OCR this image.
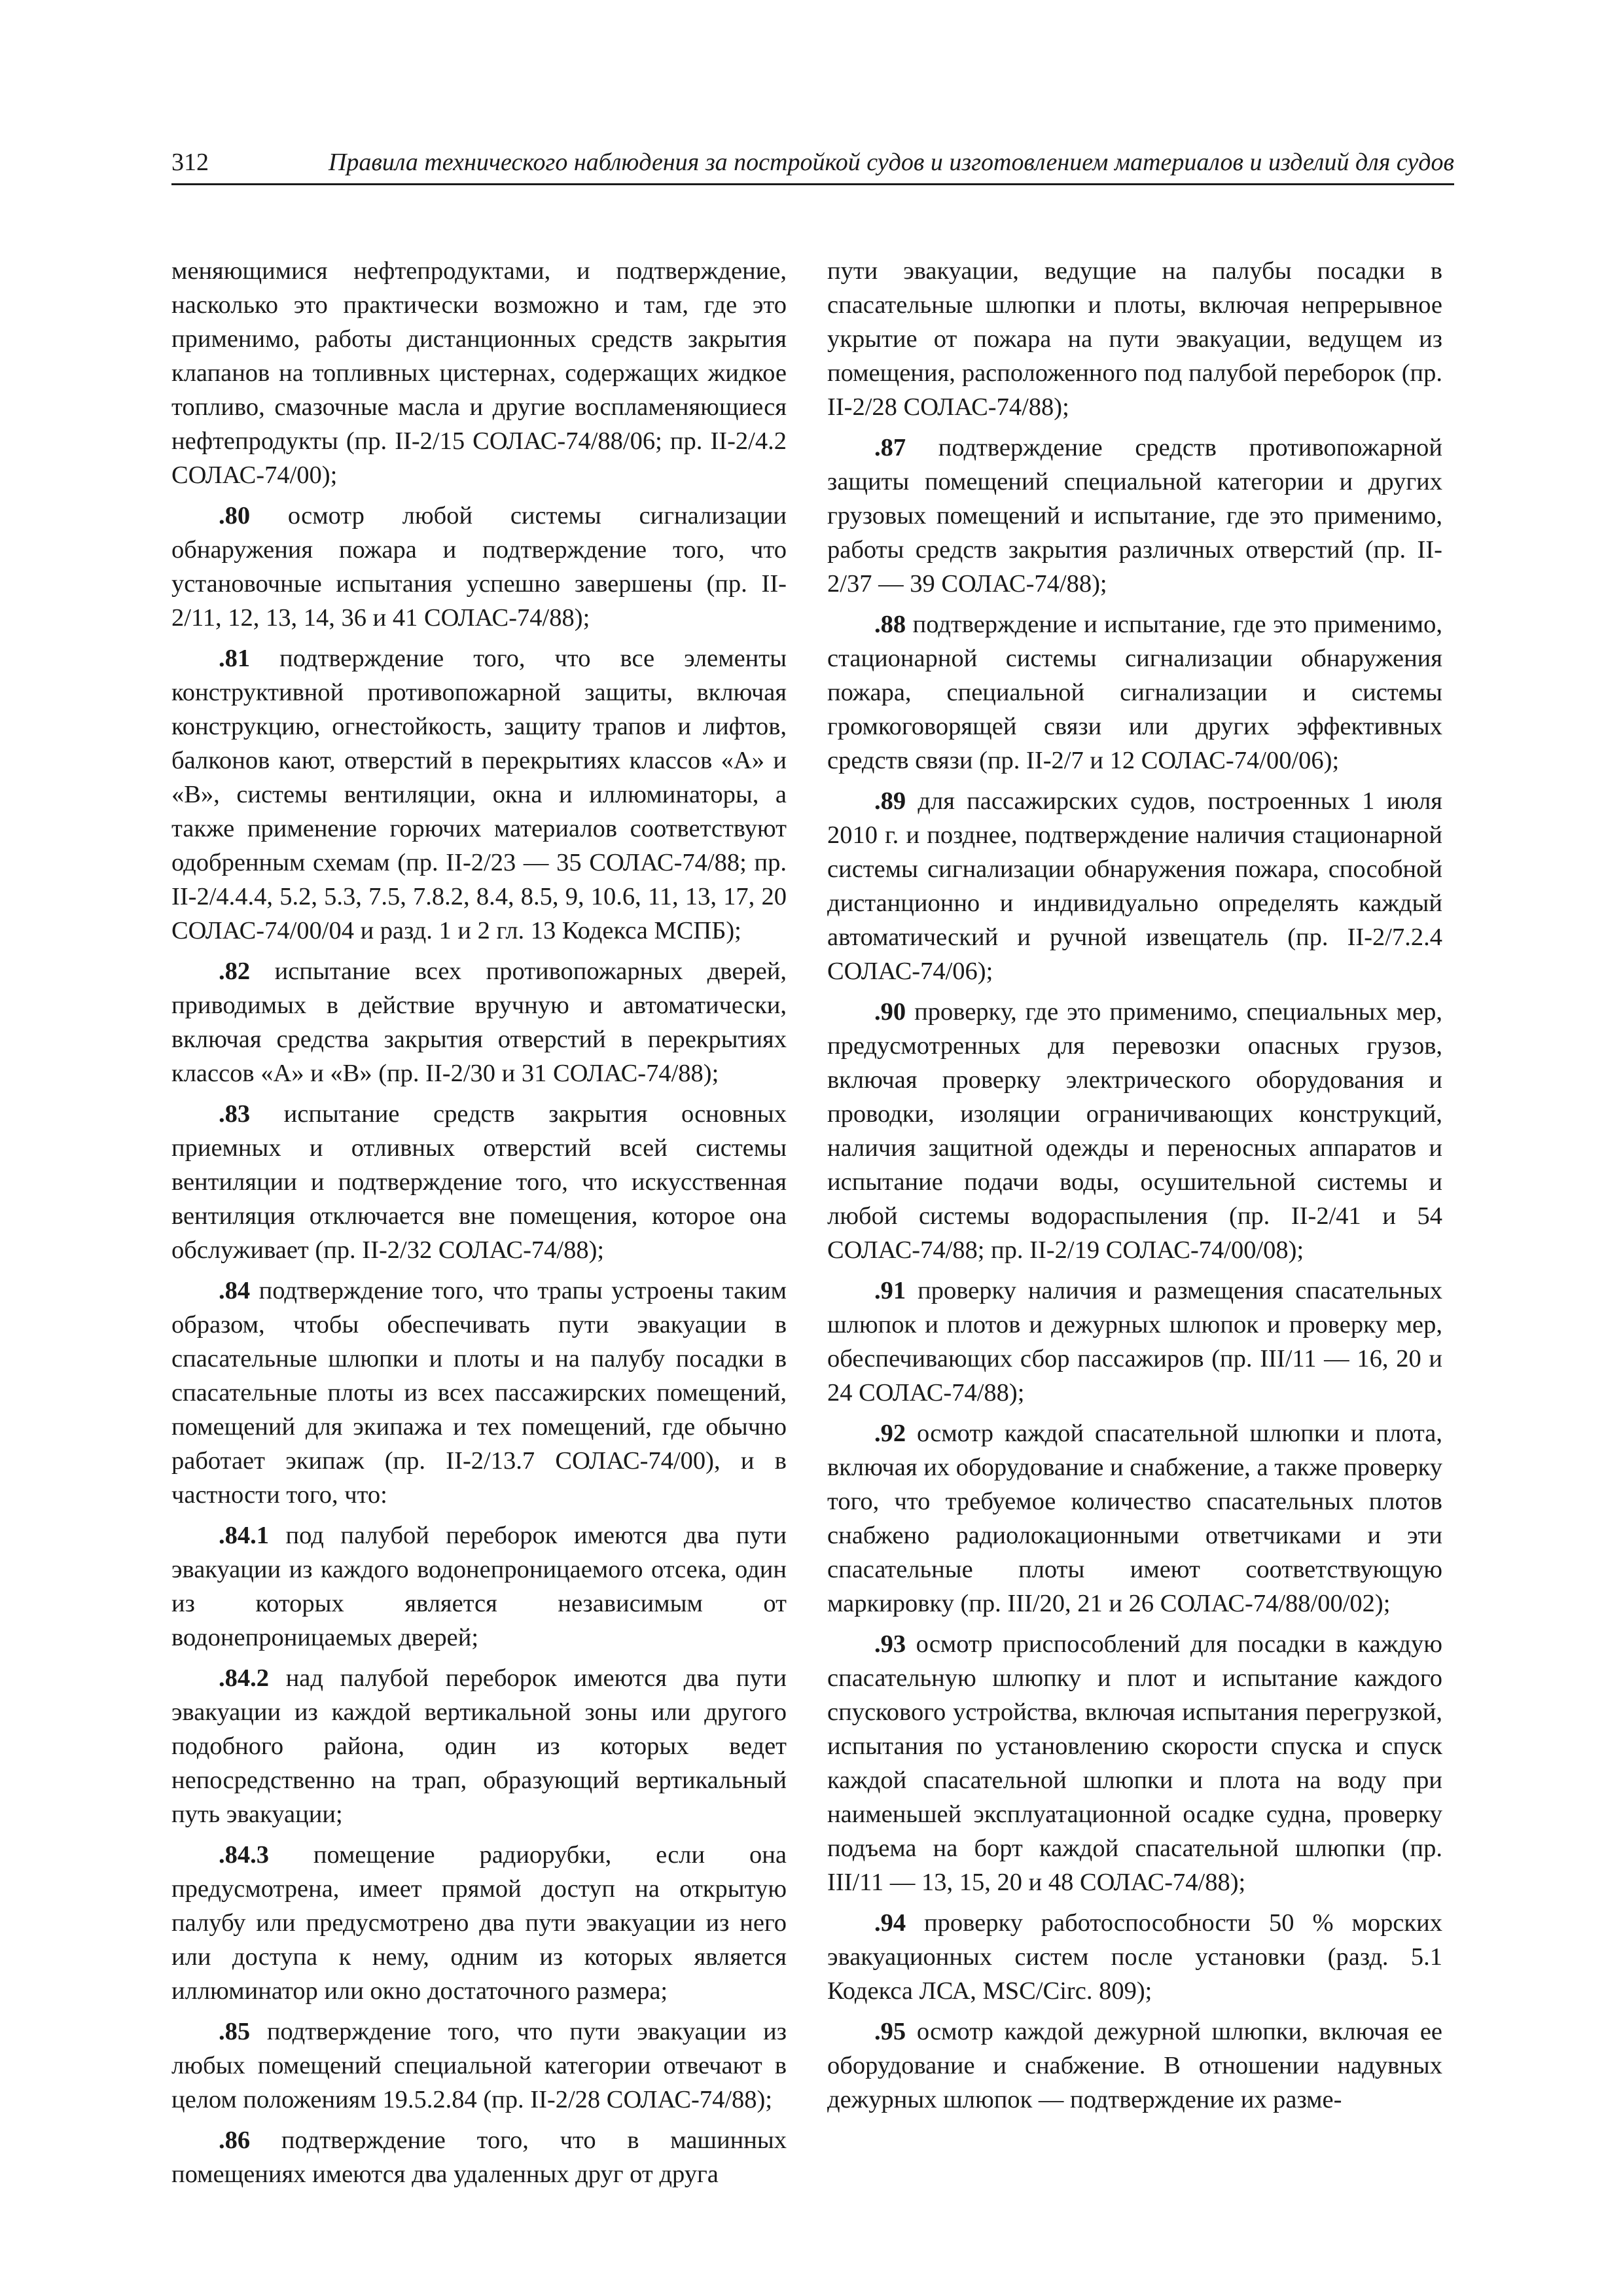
312	Правила технического наблюдения за постройкой судов и изготовлением материалов и изделий для судов

меняющимися нефтепродуктами, и подтверждение, насколько это практически возможно и там, где это применимо, работы дистанционных средств закрытия клапанов на топливных цистернах, содержащих жидкое топливо, смазочные масла и другие воспламеняющиеся нефтепродукты (пр. II-2/15 СОЛАС-74/88/06; пр. II-2/4.2 СОЛАС-74/00);

.80 осмотр любой системы сигнализации обнаружения пожара и подтверждение того, что установочные испытания успешно завершены (пр. II-2/11, 12, 13, 14, 36 и 41 СОЛАС-74/88);

.81 подтверждение того, что все элементы конструктивной противопожарной защиты, включая конструкцию, огнестойкость, защиту трапов и лифтов, балконов кают, отверстий в перекрытиях классов «А» и «В», системы вентиляции, окна и иллюминаторы, а также применение горючих материалов соответствуют одобренным схемам (пр. II-2/23 — 35 СОЛАС-74/88; пр. II-2/4.4.4, 5.2, 5.3, 7.5, 7.8.2, 8.4, 8.5, 9, 10.6, 11, 13, 17, 20 СОЛАС-74/00/04 и разд. 1 и 2 гл. 13 Кодекса МСПБ);

.82 испытание всех противопожарных дверей, приводимых в действие вручную и автоматически, включая средства закрытия отверстий в перекрытиях классов «А» и «В» (пр. II-2/30 и 31 СОЛАС-74/88);

.83 испытание средств закрытия основных приемных и отливных отверстий всей системы вентиляции и подтверждение того, что искусственная вентиляция отключается вне помещения, которое она обслуживает (пр. II-2/32 СОЛАС-74/88);

.84 подтверждение того, что трапы устроены таким образом, чтобы обеспечивать пути эвакуации в спасательные шлюпки и плоты и на палубу посадки в спасательные плоты из всех пассажирских помещений, помещений для экипажа и тех помещений, где обычно работает экипаж (пр. II-2/13.7 СОЛАС-74/00), и в частности того, что:

.84.1 под палубой переборок имеются два пути эвакуации из каждого водонепроницаемого отсека, один из которых является независимым от водонепроницаемых дверей;

.84.2 над палубой переборок имеются два пути эвакуации из каждой вертикальной зоны или другого подобного района, один из которых ведет непосредственно на трап, образующий вертикальный путь эвакуации;

.84.3 помещение радиорубки, если она предусмотрена, имеет прямой доступ на открытую палубу или предусмотрено два пути эвакуации из него или доступа к нему, одним из которых является иллюминатор или окно достаточного размера;

.85 подтверждение того, что пути эвакуации из любых помещений специальной категории отвечают в целом положениям 19.5.2.84 (пр. II-2/28 СОЛАС-74/88);

.86 подтверждение того, что в машинных помещениях имеются два удаленных друг от друга

пути эвакуации, ведущие на палубы посадки в спасательные шлюпки и плоты, включая непрерывное укрытие от пожара на пути эвакуации, ведущем из помещения, расположенного под палубой переборок (пр. II-2/28 СОЛАС-74/88);

.87 подтверждение средств противопожарной защиты помещений специальной категории и других грузовых помещений и испытание, где это применимо, работы средств закрытия различных отверстий (пр. II-2/37 — 39 СОЛАС-74/88);

.88 подтверждение и испытание, где это применимо, стационарной системы сигнализации обнаружения пожара, специальной сигнализации и системы громкоговорящей связи или других эффективных средств связи (пр. II-2/7 и 12 СОЛАС-74/00/06);

.89 для пассажирских судов, построенных 1 июля 2010 г. и позднее, подтверждение наличия стационарной системы сигнализации обнаружения пожара, способной дистанционно и индивидуально определять каждый автоматический и ручной извещатель (пр. II-2/7.2.4 СОЛАС-74/06);

.90 проверку, где это применимо, специальных мер, предусмотренных для перевозки опасных грузов, включая проверку электрического оборудования и проводки, изоляции ограничивающих конструкций, наличия защитной одежды и переносных аппаратов и испытание подачи воды, осушительной системы и любой системы водораспыления (пр. II-2/41 и 54 СОЛАС-74/88; пр. II-2/19 СОЛАС-74/00/08);

.91 проверку наличия и размещения спасательных шлюпок и плотов и дежурных шлюпок и проверку мер, обеспечивающих сбор пассажиров (пр. III/11 — 16, 20 и 24 СОЛАС-74/88);

.92 осмотр каждой спасательной шлюпки и плота, включая их оборудование и снабжение, а также проверку того, что требуемое количество спасательных плотов снабжено радиолокационными ответчиками и эти спасательные плоты имеют соответствующую маркировку (пр. III/20, 21 и 26 СОЛАС-74/88/00/02);

.93 осмотр приспособлений для посадки в каждую спасательную шлюпку и плот и испытание каждого спускового устройства, включая испытания перегрузкой, испытания по установлению скорости спуска и спуск каждой спасательной шлюпки и плота на воду при наименьшей эксплуатационной осадке судна, проверку подъема на борт каждой спасательной шлюпки (пр. III/11 — 13, 15, 20 и 48 СОЛАС-74/88);

.94 проверку работоспособности 50 % морских эвакуационных систем после установки (разд. 5.1 Кодекса ЛСА, MSC/Circ. 809);

.95 осмотр каждой дежурной шлюпки, включая ее оборудование и снабжение. В отношении надувных дежурных шлюпок — подтверждение их разме-
